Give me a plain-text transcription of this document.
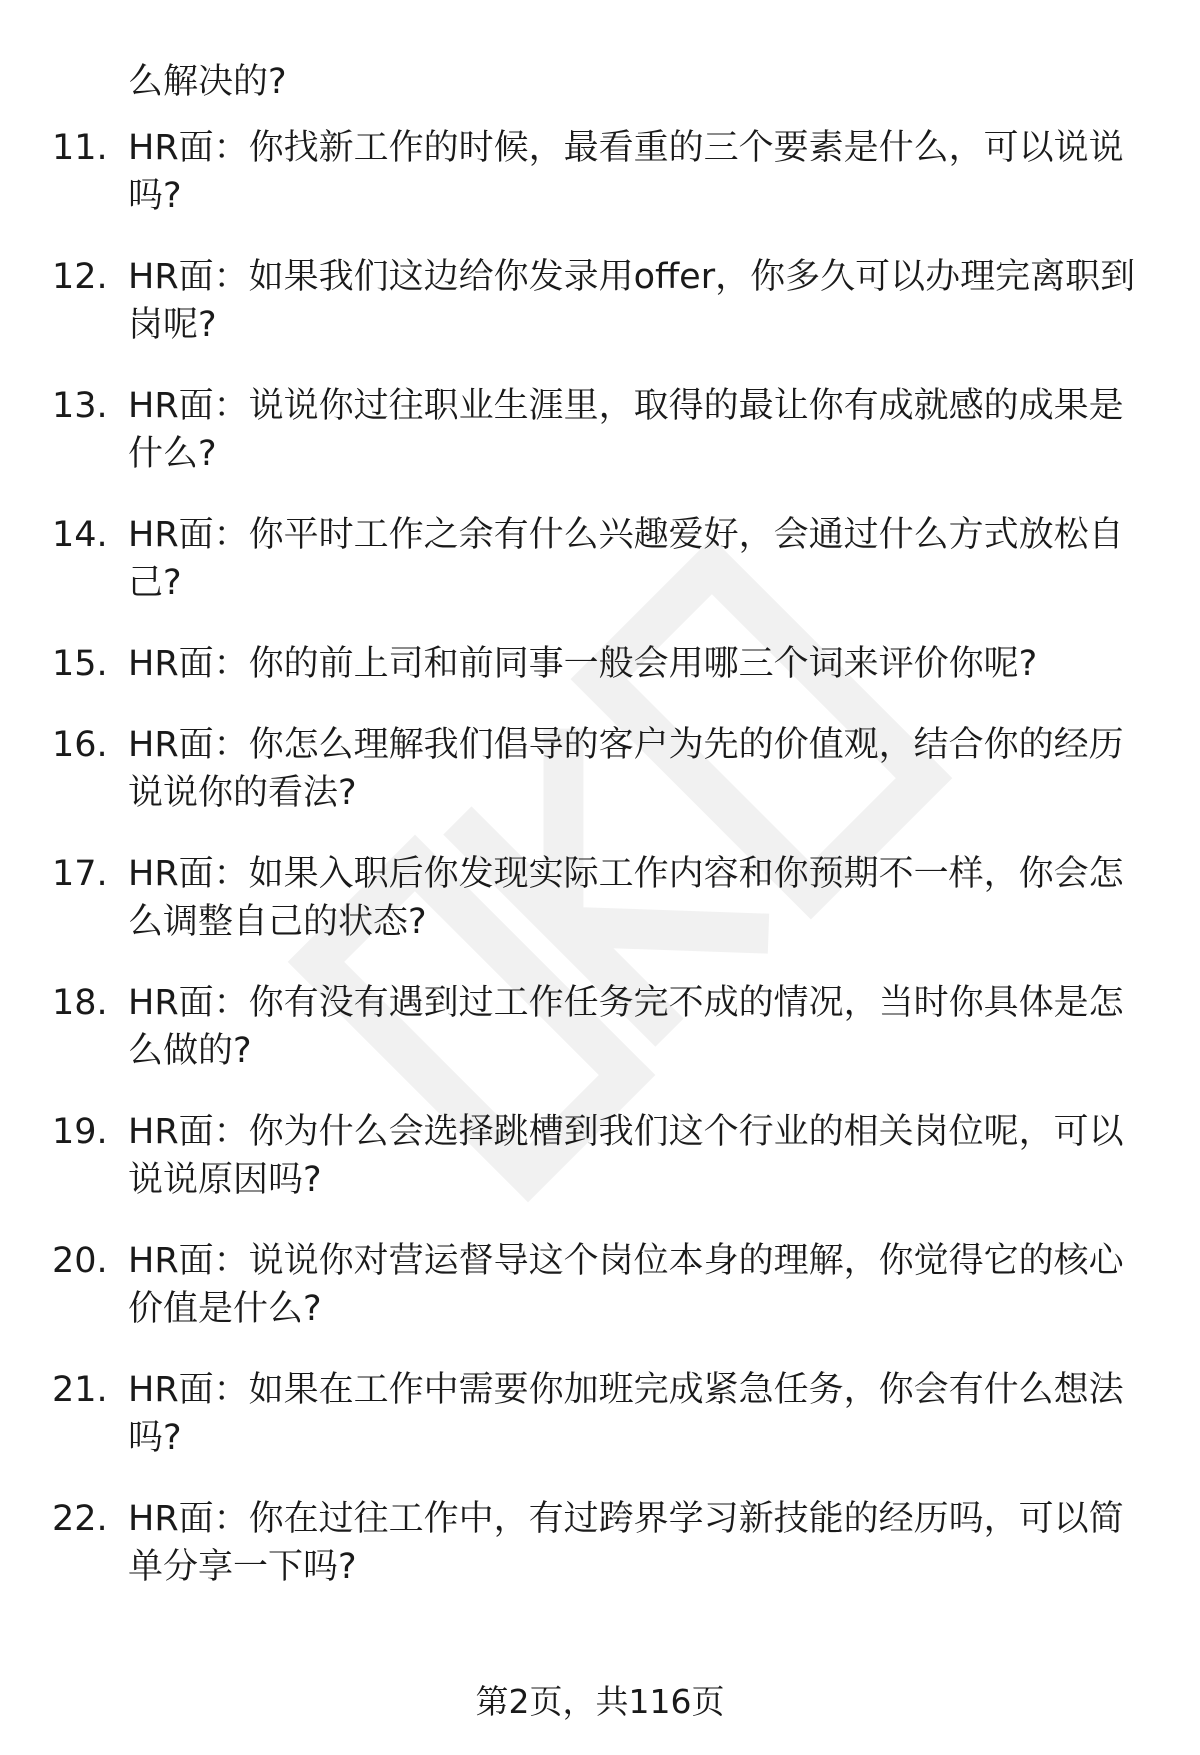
么解决的?

11. HR面：你找新工作的时候，最看重的三个要素是什么，可以说说吗?
12. HR面：如果我们这边给你发录用offer，你多久可以办理完离职到岗呢?
13. HR面：说说你过往职业生涯里，取得的最让你有成就感的成果是什么?
14. HR面：你平时工作之余有什么兴趣爱好，会通过什么方式放松自己?
15. HR面：你的前上司和前同事一般会用哪三个词来评价你呢?
16. HR面：你怎么理解我们倡导的客户为先的价值观，结合你的经历说说你的看法?
17. HR面：如果入职后你发现实际工作内容和你预期不一样，你会怎么调整自己的状态?
18. HR面：你有没有遇到过工作任务完不成的情况，当时你具体是怎么做的?
19. HR面：你为什么会选择跳槽到我们这个行业的相关岗位呢，可以说说原因吗?
20. HR面：说说你对营运督导这个岗位本身的理解，你觉得它的核心价值是什么?
21. HR面：如果在工作中需要你加班完成紧急任务，你会有什么想法吗?
22. HR面：你在过往工作中，有过跨界学习新技能的经历吗，可以简单分享一下吗?

第2页，共116页
